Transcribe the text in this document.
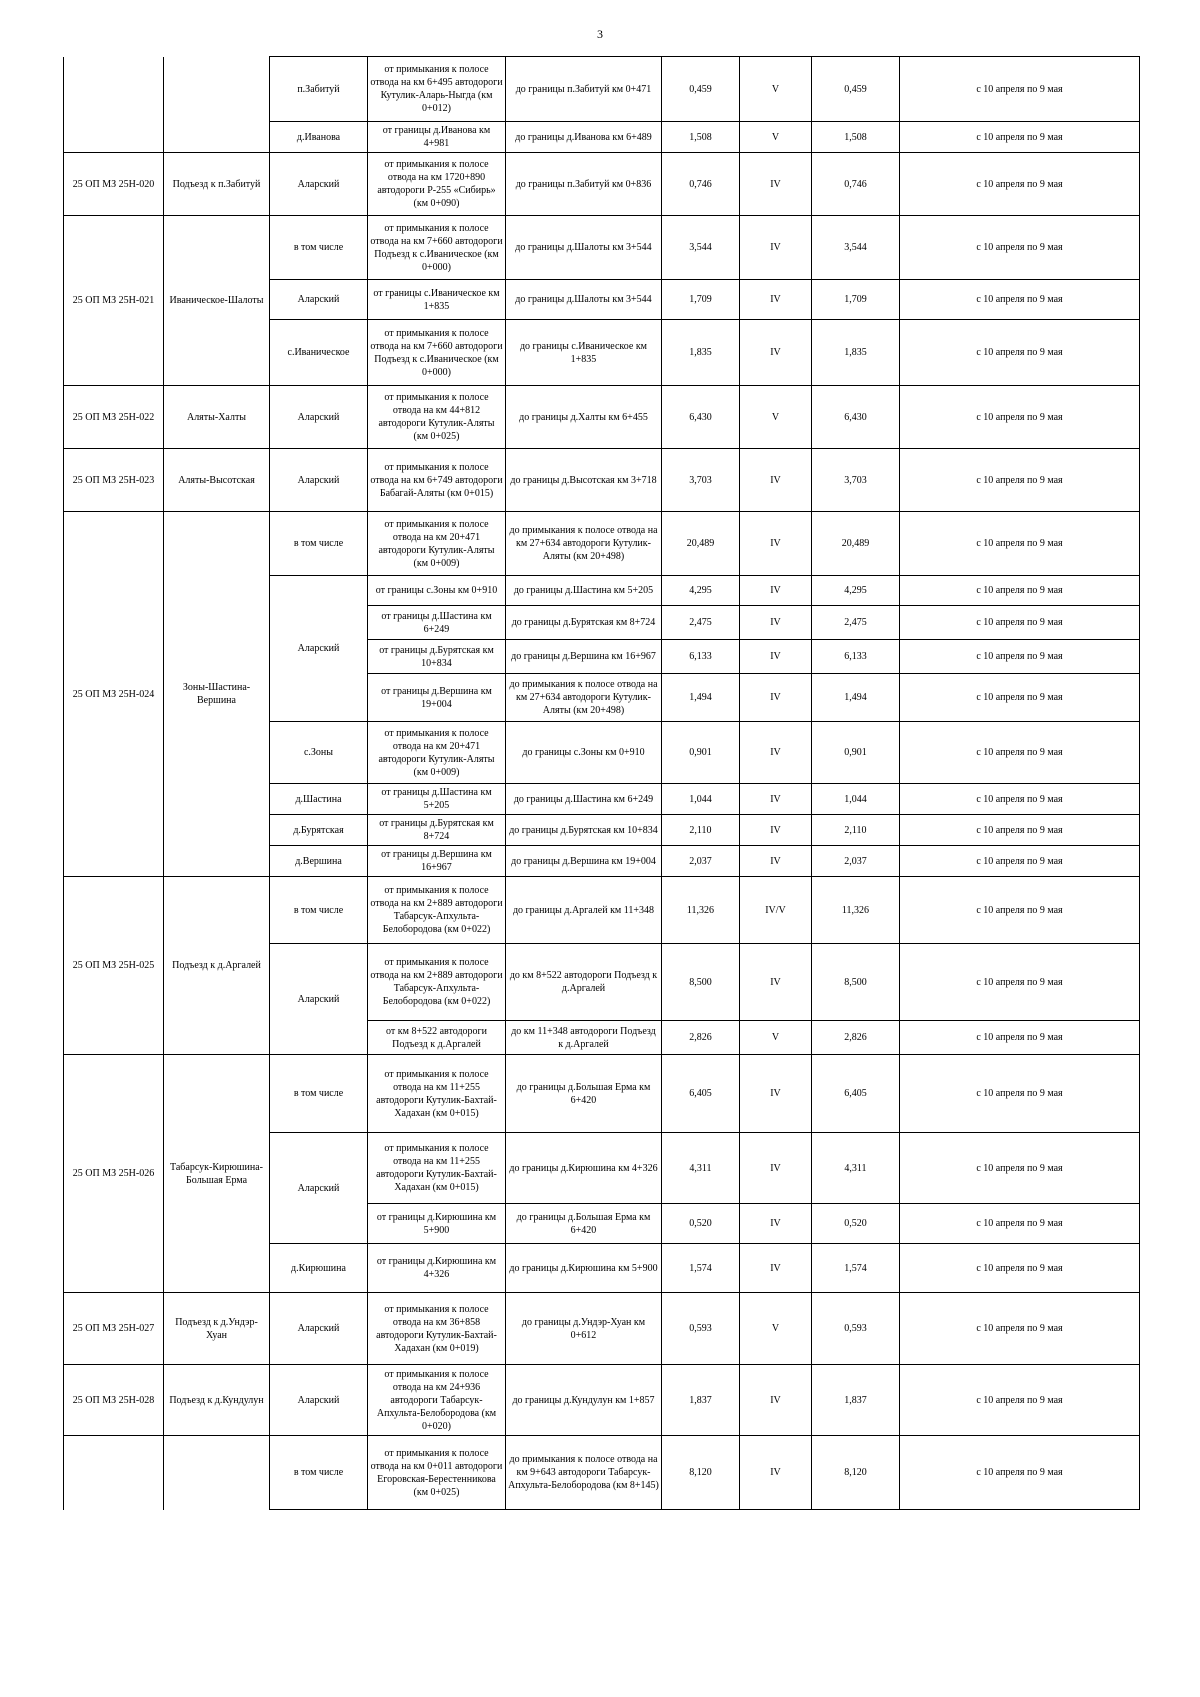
3
		п.Забитуй	от примыкания к полосе отвода на км 6+495 автодороги Кутулик-Аларь-Ныгда (км 0+012)	до границы п.Забитуй км 0+471	0,459	V	0,459	с 10 апреля по 9 мая
		д.Иванова	от границы д.Иванова км 4+981	до границы д.Иванова км 6+489	1,508	V	1,508	с 10 апреля по 9 мая
25 ОП МЗ 25Н-020	Подъезд к п.Забитуй	Аларский	от примыкания к полосе отвода на км 1720+890 автодороги Р-255 «Сибирь» (км 0+090)	до границы п.Забитуй км 0+836	0,746	IV	0,746	с 10 апреля по 9 мая
25 ОП МЗ 25Н-021	Иваническое-Шалоты	в том числе	от примыкания к полосе отвода на км 7+660 автодороги Подъезд к с.Иваническое (км 0+000)	до границы д.Шалоты км 3+544	3,544	IV	3,544	с 10 апреля по 9 мая
		Аларский	от границы с.Иваническое км 1+835	до границы д.Шалоты км 3+544	1,709	IV	1,709	с 10 апреля по 9 мая
		с.Иваническое	от примыкания к полосе отвода на км 7+660 автодороги Подъезд к с.Иваническое (км 0+000)	до границы с.Иваническое км 1+835	1,835	IV	1,835	с 10 апреля по 9 мая
25 ОП МЗ 25Н-022	Аляты-Халты	Аларский	от примыкания к полосе отвода на км 44+812 автодороги Кутулик-Аляты (км 0+025)	до границы д.Халты км 6+455	6,430	V	6,430	с 10 апреля по 9 мая
25 ОП МЗ 25Н-023	Аляты-Высотская	Аларский	от примыкания к полосе отвода на км 6+749 автодороги Бабагай-Аляты (км 0+015)	до границы д.Высотская км 3+718	3,703	IV	3,703	с 10 апреля по 9 мая
25 ОП МЗ 25Н-024	Зоны-Шастина-Вершина	в том числе	от примыкания к полосе отвода на км 20+471 автодороги Кутулик-Аляты (км 0+009)	до примыкания к полосе отвода на км 27+634 автодороги Кутулик-Аляты (км 20+498)	20,489	IV	20,489	с 10 апреля по 9 мая
		Аларский	от границы с.Зоны км 0+910	до границы д.Шастина км 5+205	4,295	IV	4,295	с 10 апреля по 9 мая
			от границы д.Шастина км 6+249	до границы д.Бурятская км 8+724	2,475	IV	2,475	с 10 апреля по 9 мая
			от границы д.Бурятская км 10+834	до границы д.Вершина км 16+967	6,133	IV	6,133	с 10 апреля по 9 мая
			от границы д.Вершина км 19+004	до примыкания к полосе отвода на км 27+634 автодороги Кутулик-Аляты (км 20+498)	1,494	IV	1,494	с 10 апреля по 9 мая
		с.Зоны	от примыкания к полосе отвода на км 20+471 автодороги Кутулик-Аляты (км 0+009)	до границы с.Зоны км 0+910	0,901	IV	0,901	с 10 апреля по 9 мая
		д.Шастина	от границы д.Шастина км 5+205	до границы д.Шастина км 6+249	1,044	IV	1,044	с 10 апреля по 9 мая
		д.Бурятская	от границы д.Бурятская км 8+724	до границы д.Бурятская км 10+834	2,110	IV	2,110	с 10 апреля по 9 мая
		д.Вершина	от границы д.Вершина км 16+967	до границы д.Вершина км 19+004	2,037	IV	2,037	с 10 апреля по 9 мая
25 ОП МЗ 25Н-025	Подъезд к д.Аргалей	в том числе	от примыкания к полосе отвода на км 2+889 автодороги Табарсук-Апхульта-Белобородова (км 0+022)	до границы д.Аргалей км 11+348	11,326	IV/V	11,326	с 10 апреля по 9 мая
		Аларский	от примыкания к полосе отвода на км 2+889 автодороги Табарсук-Апхульта-Белобородова (км 0+022)	до км 8+522 автодороги Подъезд к д.Аргалей	8,500	IV	8,500	с 10 апреля по 9 мая
			от км 8+522 автодороги Подъезд к д.Аргалей	до км 11+348 автодороги Подъезд к д.Аргалей	2,826	V	2,826	с 10 апреля по 9 мая
25 ОП МЗ 25Н-026	Табарсук-Кирюшина-Большая Ерма	в том числе	от примыкания к полосе отвода на км 11+255 автодороги Кутулик-Бахтай-Хадахан (км 0+015)	до границы д.Большая Ерма км 6+420	6,405	IV	6,405	с 10 апреля по 9 мая
		Аларский	от примыкания к полосе отвода на км 11+255 автодороги Кутулик-Бахтай-Хадахан (км 0+015)	до границы д.Кирюшина км 4+326	4,311	IV	4,311	с 10 апреля по 9 мая
			от границы д.Кирюшина км 5+900	до границы д.Большая Ерма км 6+420	0,520	IV	0,520	с 10 апреля по 9 мая
		д.Кирюшина	от границы д.Кирюшина км 4+326	до границы д.Кирюшина км 5+900	1,574	IV	1,574	с 10 апреля по 9 мая
25 ОП МЗ 25Н-027	Подъезд к д.Ундэр-Хуан	Аларский	от примыкания к полосе отвода на км 36+858 автодороги Кутулик-Бахтай-Хадахан (км 0+019)	до границы д.Ундэр-Хуан км 0+612	0,593	V	0,593	с 10 апреля по 9 мая
25 ОП МЗ 25Н-028	Подъезд к д.Кундулун	Аларский	от примыкания к полосе отвода на км 24+936 автодороги Табарсук-Апхульта-Белобородова (км 0+020)	до границы д.Кундулун км 1+857	1,837	IV	1,837	с 10 апреля по 9 мая
		в том числе	от примыкания к полосе отвода на км 0+011 автодороги Егоровская-Берестенникова (км 0+025)	до примыкания к полосе отвода на км 9+643 автодороги Табарсук-Апхульта-Белобородова (км 8+145)	8,120	IV	8,120	с 10 апреля по 9 мая
